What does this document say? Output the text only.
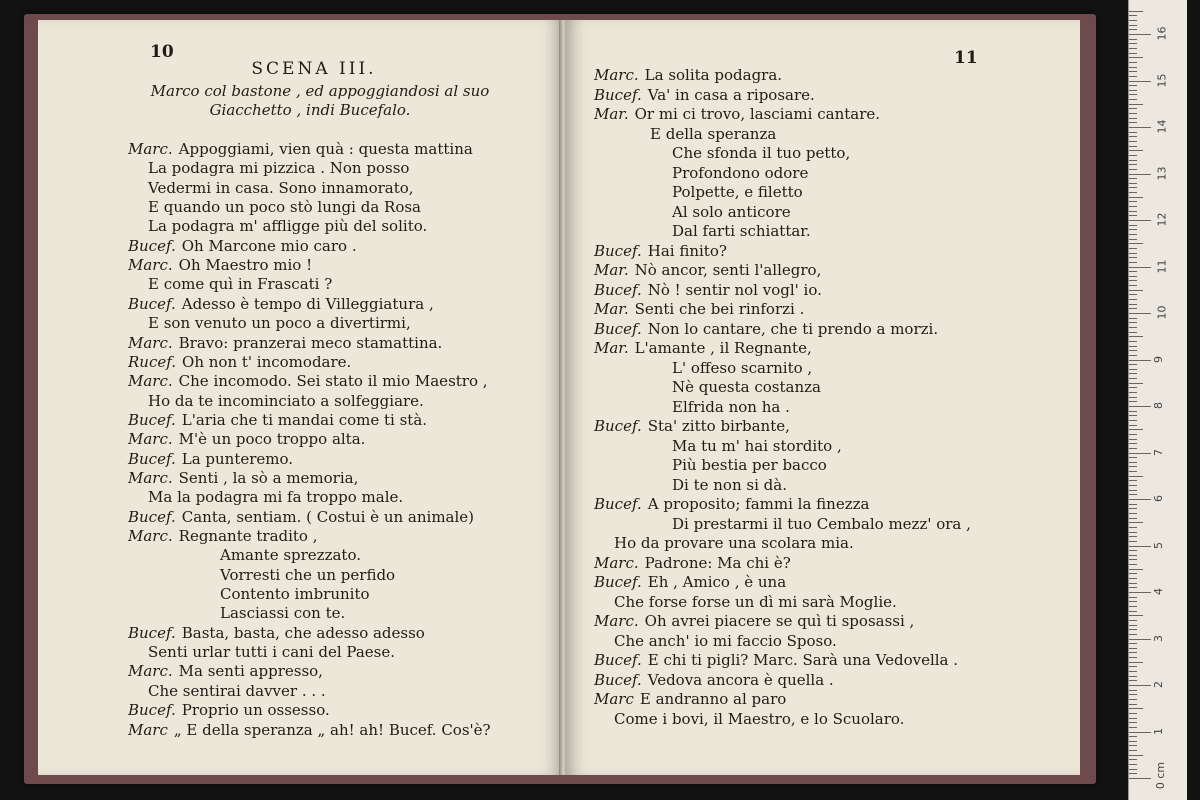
10
SCENA III.
Marco col bastone , ed appoggiandosi al suo
Giacchetto , indi Bucefalo.
Marc. Appoggiami, vien quà : questa mattina
La podagra mi pizzica . Non posso
Vedermi in casa. Sono innamorato,
E quando un poco stò lungi da Rosa
La podagra m' affligge più del solito.
Bucef. Oh Marcone mio caro .
Marc. Oh Maestro mio !
E come quì in Frascati ?
Bucef. Adesso è tempo di Villeggiatura ,
E son venuto un poco a divertirmi,
Marc. Bravo: pranzerai meco stamattina.
Rucef. Oh non t' incomodare.
Marc. Che incomodo. Sei stato il mio Maestro ,
Ho da te incominciato a solfeggiare.
Bucef. L'aria che ti mandai come ti stà.
Marc. M'è un poco troppo alta.
Bucef. La punteremo.
Marc. Senti , la sò a memoria,
Ma la podagra mi fa troppo male.
Bucef. Canta, sentiam. ( Costui è un animale)
Marc. Regnante tradito ,
Amante sprezzato.
Vorresti che un perfido
Contento imbrunito
Lasciassi con te.
Bucef. Basta, basta, che adesso adesso
Senti urlar tutti i cani del Paese.
Marc. Ma senti appresso,
Che sentirai davver . . .
Bucef. Proprio un ossesso.
Marc „ E della speranza „ ah! ah! Bucef. Cos'è?
11
Marc. La solita podagra.
Bucef. Va' in casa a riposare.
Mar. Or mi ci trovo, lasciami cantare.
E della speranza
Che sfonda il tuo petto,
Profondono odore
Polpette, e filetto
Al solo anticore
Dal farti schiattar.
Bucef. Hai finito?
Mar. Nò ancor, senti l'allegro,
Bucef. Nò ! sentir nol vogl' io.
Mar. Senti che bei rinforzi .
Bucef. Non lo cantare, che ti prendo a morzi.
Mar. L'amante , il Regnante,
L' offeso scarnito ,
Nè questa costanza
Elfrida non ha .
Bucef. Sta' zitto birbante,
Ma tu m' hai stordito ,
Più bestia per bacco
Di te non si dà.
Bucef. A proposito; fammi la finezza
Di prestarmi il tuo Cembalo mezz' ora ,
Ho da provare una scolara mia.
Marc. Padrone: Ma chi è?
Bucef. Eh , Amico , è una
Che forse forse un dì mi sarà Moglie.
Marc. Oh avrei piacere se quì ti sposassi ,
Che anch' io mi faccio Sposo.
Bucef. E chi ti pigli? Marc. Sarà una Vedovella .
Bucef. Vedova ancora è quella .
Marc E andranno al paro
Come i bovi, il Maestro, e lo Scuolaro.
1
2
3
4
5
6
7
8
9
10
11
12
13
14
15
16
0 cm
